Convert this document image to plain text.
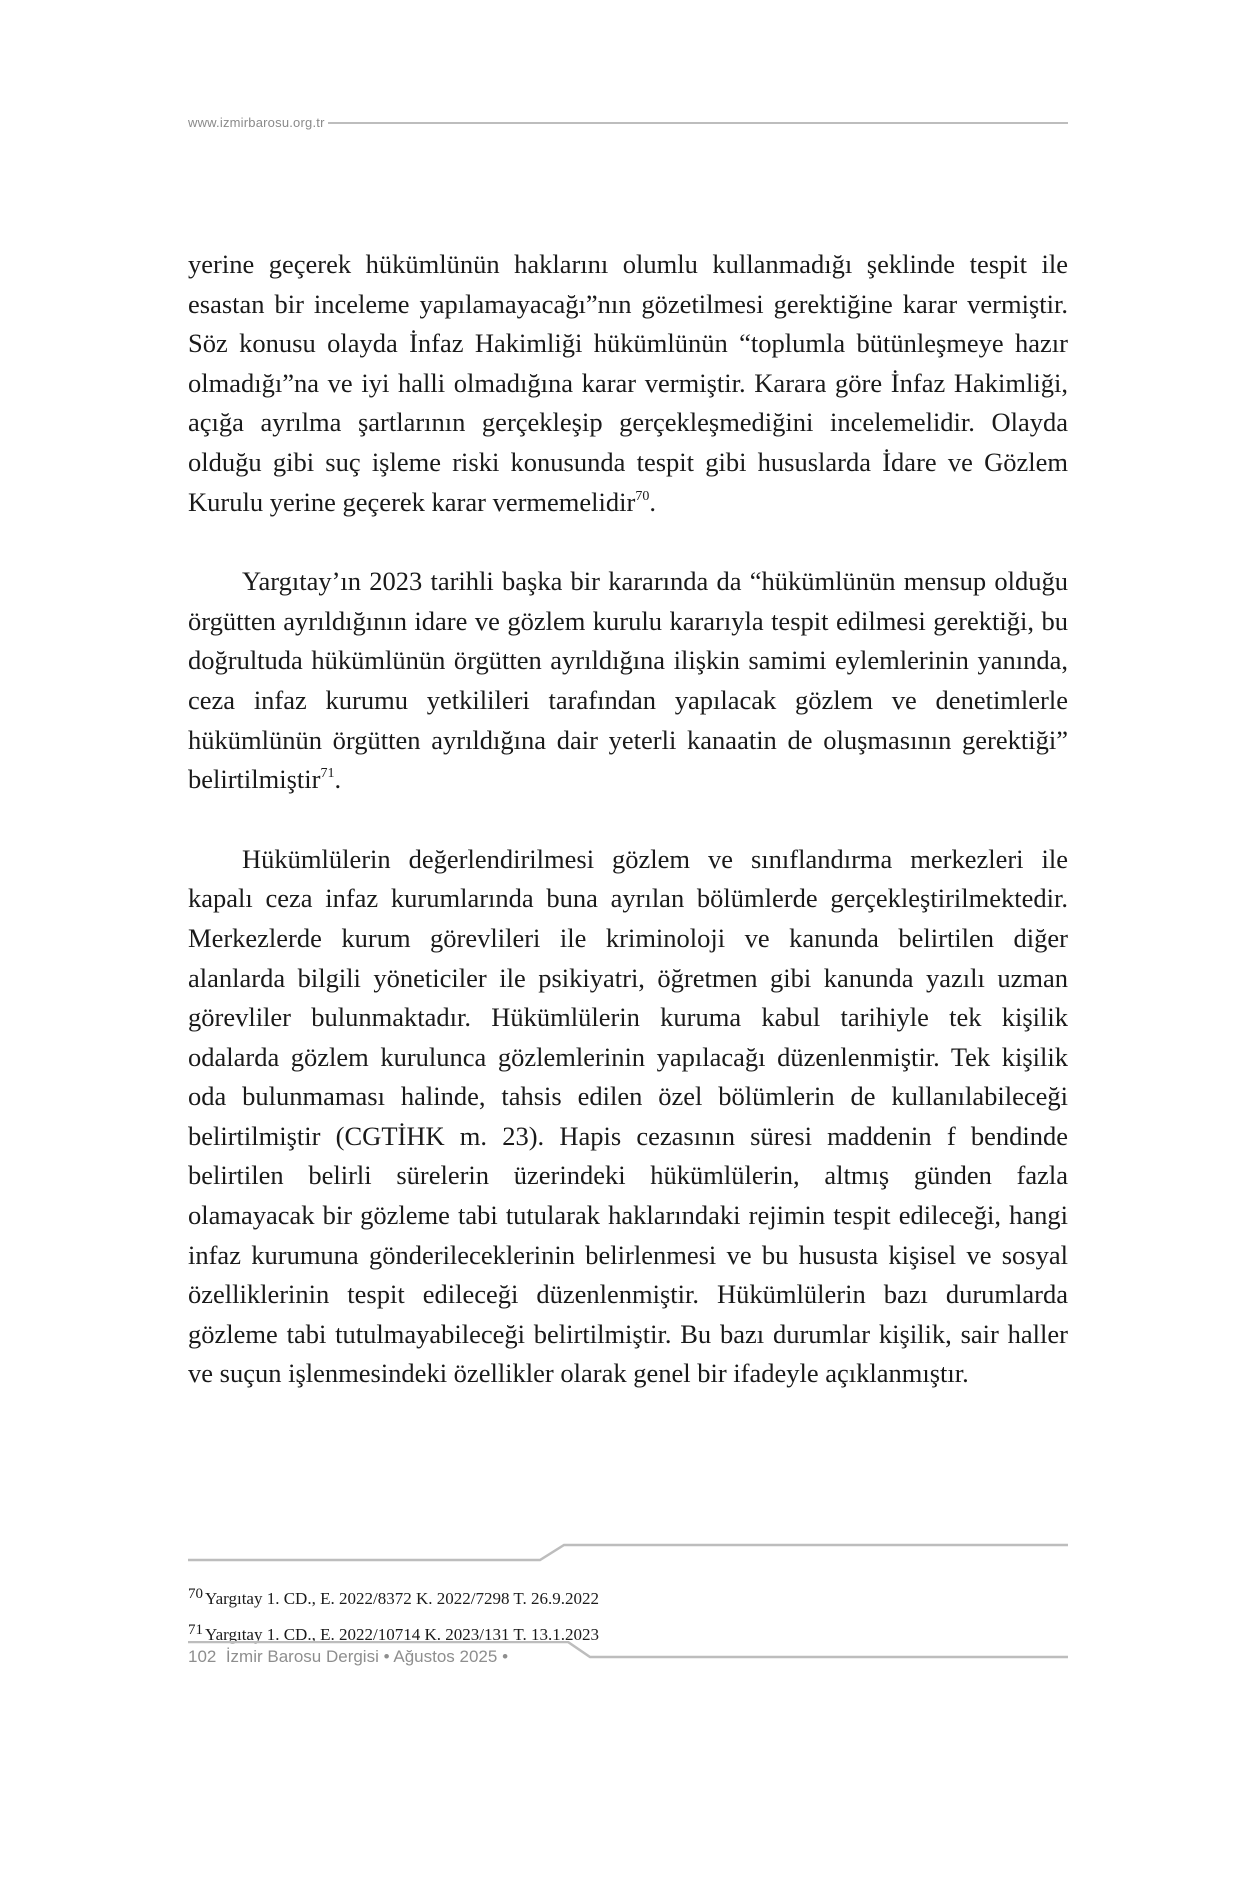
www.izmirbarosu.org.tr

yerine geçerek hükümlünün haklarını olumlu kullanmadığı şeklinde tespit ile esastan bir inceleme yapılamayacağı”nın gözetilmesi gerektiğine karar vermiştir. Söz konusu olayda İnfaz Hakimliği hükümlünün “toplumla bütünleşmeye hazır olmadığı”na ve iyi halli olmadığına karar vermiştir. Karara göre İnfaz Hakimliği, açığa ayrılma şartlarının gerçekleşip gerçekleşmediğini incelemelidir. Olayda olduğu gibi suç işleme riski konusunda tespit gibi hususlarda İdare ve Gözlem Kurulu yerine geçerek karar vermemelidir$^{70}$.

Yargıtay’ın 2023 tarihli başka bir kararında da “hükümlünün mensup olduğu örgütten ayrıldığının idare ve gözlem kurulu kararıyla tespit edilmesi gerektiği, bu doğrultuda hükümlünün örgütten ayrıldığına ilişkin samimi eylemlerinin yanında, ceza infaz kurumu yetkilileri tarafından yapılacak gözlem ve denetimlerle hükümlünün örgütten ayrıldığına dair yeterli kanaatin de oluşmasının gerektiği” belirtilmiştir$^{71}$.

Hükümlülerin değerlendirilmesi gözlem ve sınıflandırma merkezleri ile kapalı ceza infaz kurumlarında buna ayrılan bölümlerde gerçekleştirilmektedir. Merkezlerde kurum görevlileri ile kriminoloji ve kanunda belirtilen diğer alanlarda bilgili yöneticiler ile psikiyatri, öğretmen gibi kanunda yazılı uzman görevliler bulunmaktadır. Hükümlülerin kuruma kabul tarihiyle tek kişilik odalarda gözlem kurulunca gözlemlerinin yapılacağı düzenlenmiştir. Tek kişilik oda bulunmaması halinde, tahsis edilen özel bölümlerin de kullanılabileceği belirtilmiştir (CGTİHK m. 23). Hapis cezasının süresi maddenin f bendinde belirtilen belirli sürelerin üzerindeki hükümlülerin, altmış günden fazla olamayacak bir gözleme tabi tutularak haklarındaki rejimin tespit edileceği, hangi infaz kurumuna gönderileceklerinin belirlenmesi ve bu hususta kişisel ve sosyal özelliklerinin tespit edileceği düzenlenmiştir. Hükümlülerin bazı durumlarda gözleme tabi tutulmayabileceği belirtilmiştir. Bu bazı durumlar kişilik, sair haller ve suçun işlenmesindeki özellikler olarak genel bir ifadeyle açıklanmıştır.

70 Yargıtay 1. CD., E. 2022/8372 K. 2022/7298 T. 26.9.2022
71 Yargıtay 1. CD., E. 2022/10714 K. 2023/131 T. 13.1.2023
102 İzmir Barosu Dergisi • Ağustos 2025 •
